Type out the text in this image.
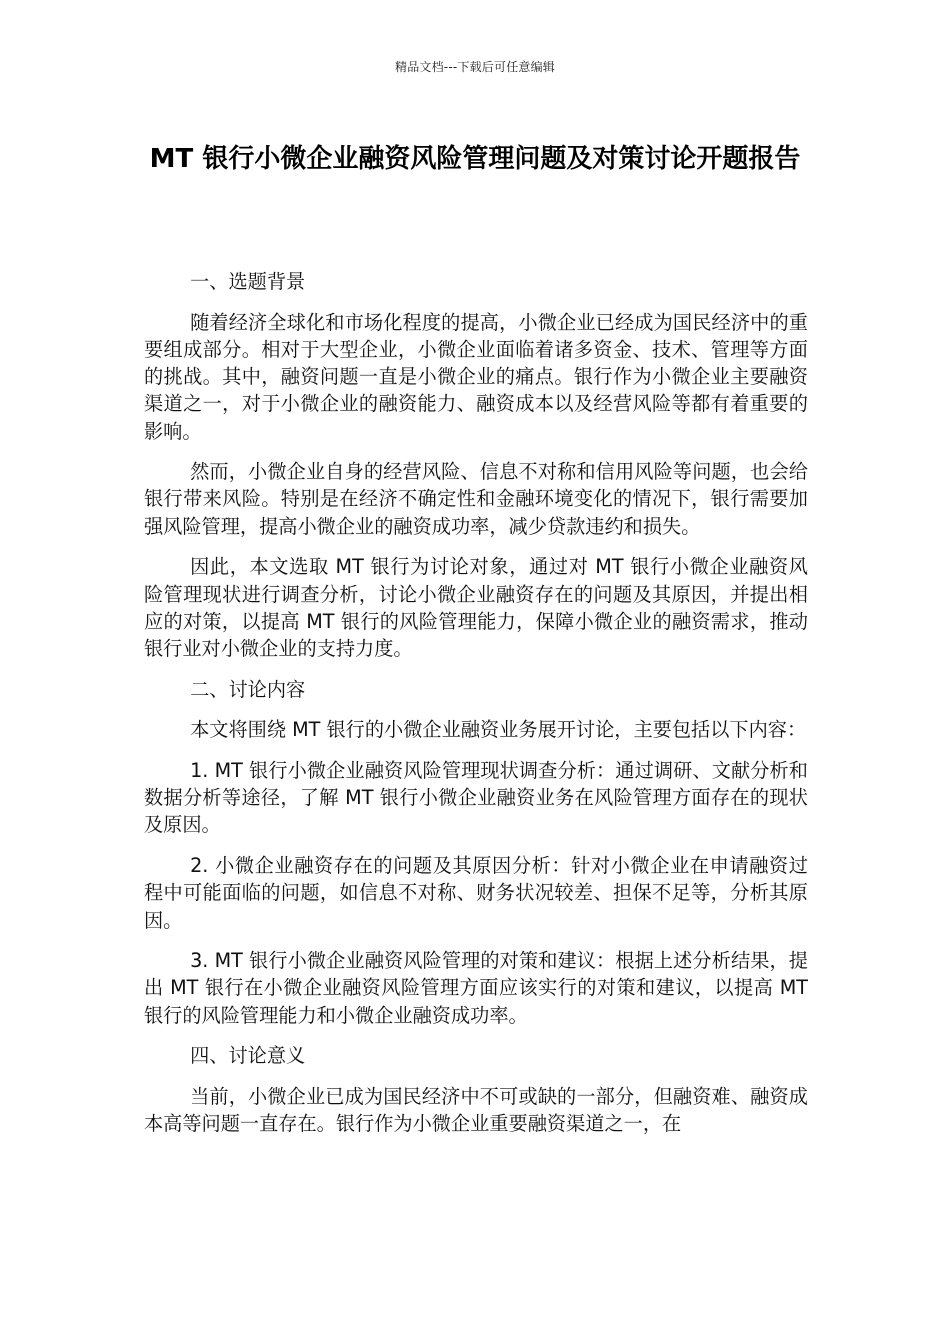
精品文档---下载后可任意编辑
MT 银行小微企业融资风险管理问题及对策讨论开题报告

一、选题背景

随着经济全球化和市场化程度的提高，小微企业已经成为国民经济中的重要组成部分。相对于大型企业，小微企业面临着诸多资金、技术、管理等方面的挑战。其中，融资问题一直是小微企业的痛点。银行作为小微企业主要融资渠道之一，对于小微企业的融资能力、融资成本以及经营风险等都有着重要的影响。

然而，小微企业自身的经营风险、信息不对称和信用风险等问题，也会给银行带来风险。特别是在经济不确定性和金融环境变化的情况下，银行需要加强风险管理，提高小微企业的融资成功率，减少贷款违约和损失。

因此，本文选取 MT 银行为讨论对象，通过对 MT 银行小微企业融资风险管理现状进行调查分析，讨论小微企业融资存在的问题及其原因，并提出相应的对策，以提高 MT 银行的风险管理能力，保障小微企业的融资需求，推动银行业对小微企业的支持力度。

二、讨论内容

本文将围绕 MT 银行的小微企业融资业务展开讨论，主要包括以下内容：

1. MT 银行小微企业融资风险管理现状调查分析：通过调研、文献分析和数据分析等途径，了解 MT 银行小微企业融资业务在风险管理方面存在的现状及原因。

2. 小微企业融资存在的问题及其原因分析：针对小微企业在申请融资过程中可能面临的问题，如信息不对称、财务状况较差、担保不足等，分析其原因。

3. MT 银行小微企业融资风险管理的对策和建议：根据上述分析结果，提出 MT 银行在小微企业融资风险管理方面应该实行的对策和建议，以提高 MT 银行的风险管理能力和小微企业融资成功率。

四、讨论意义

当前，小微企业已成为国民经济中不可或缺的一部分，但融资难、融资成本高等问题一直存在。银行作为小微企业重要融资渠道之一，在
